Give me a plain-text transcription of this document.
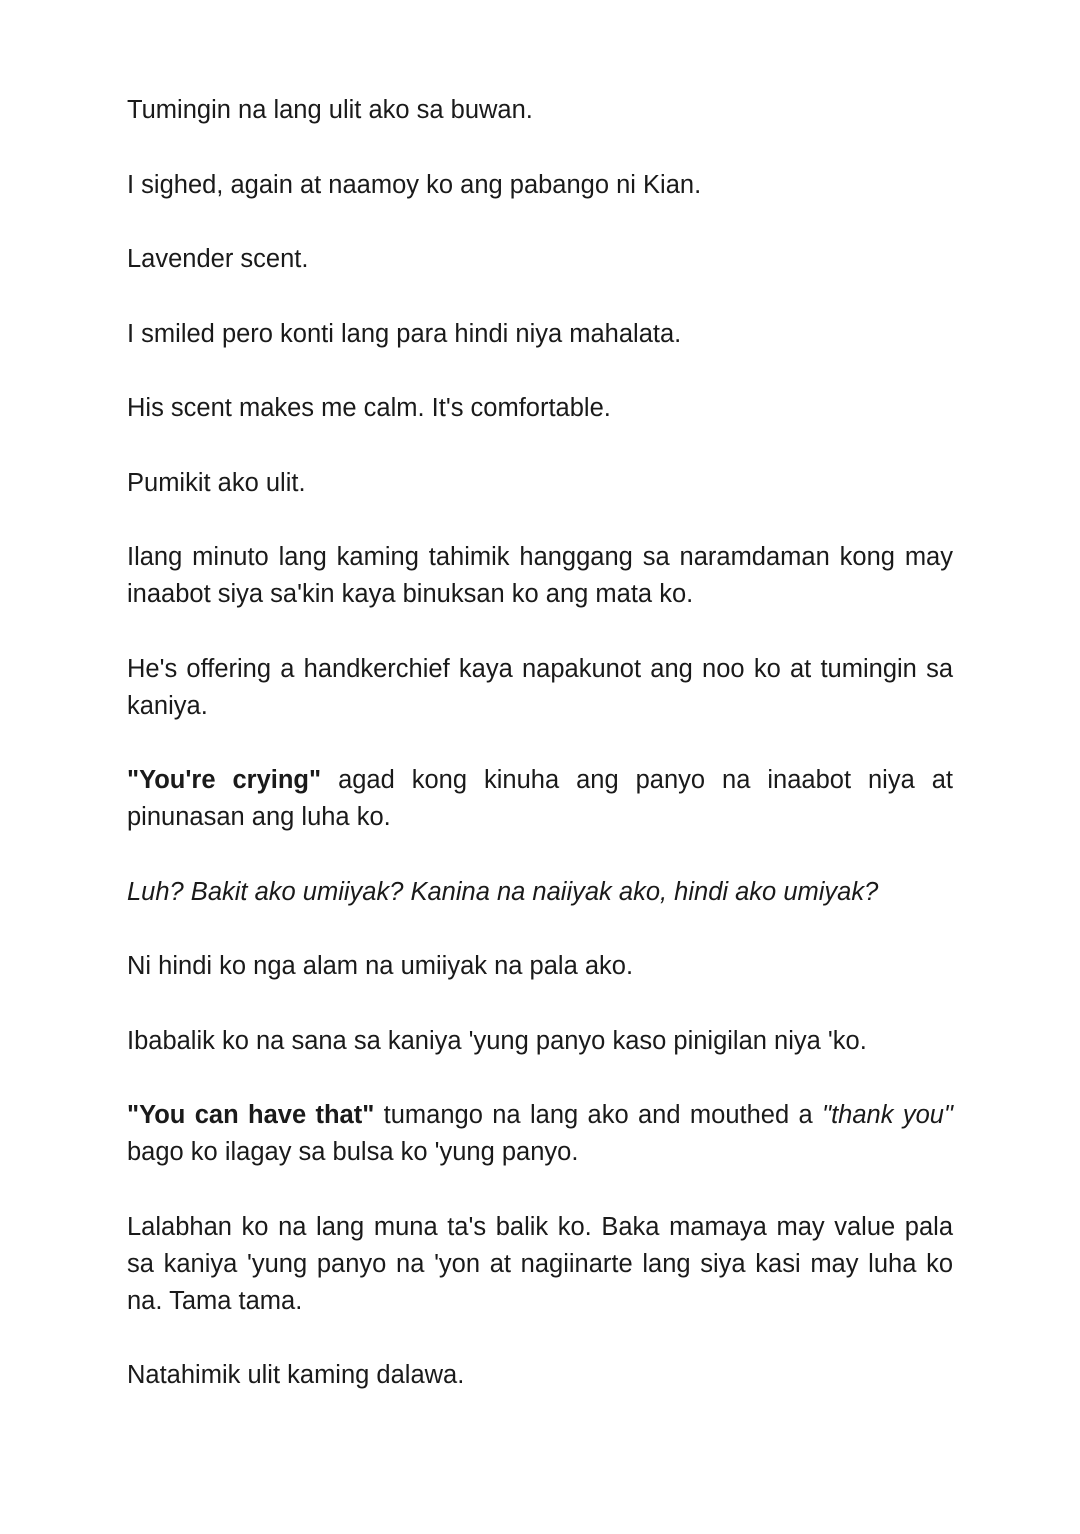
Tumingin na lang ulit ako sa buwan.

I sighed, again at naamoy ko ang pabango ni Kian.

Lavender scent.

I smiled pero konti lang para hindi niya mahalata.

His scent makes me calm. It's comfortable.

Pumikit ako ulit.

Ilang minuto lang kaming tahimik hanggang sa naramdaman kong may inaabot siya sa'kin kaya binuksan ko ang mata ko.

He's offering a handkerchief kaya napakunot ang noo ko at tumingin sa kaniya.

"You're crying" agad kong kinuha ang panyo na inaabot niya at pinunasan ang luha ko.

Luh? Bakit ako umiiyak? Kanina na naiiyak ako, hindi ako umiyak?

Ni hindi ko nga alam na umiiyak na pala ako.

Ibabalik ko na sana sa kaniya 'yung panyo kaso pinigilan niya 'ko.

"You can have that" tumango na lang ako and mouthed a "thank you" bago ko ilagay sa bulsa ko 'yung panyo.

Lalabhan ko na lang muna ta's balik ko. Baka mamaya may value pala sa kaniya 'yung panyo na 'yon at nagiinarte lang siya kasi may luha ko na. Tama tama.

Natahimik ulit kaming dalawa.
